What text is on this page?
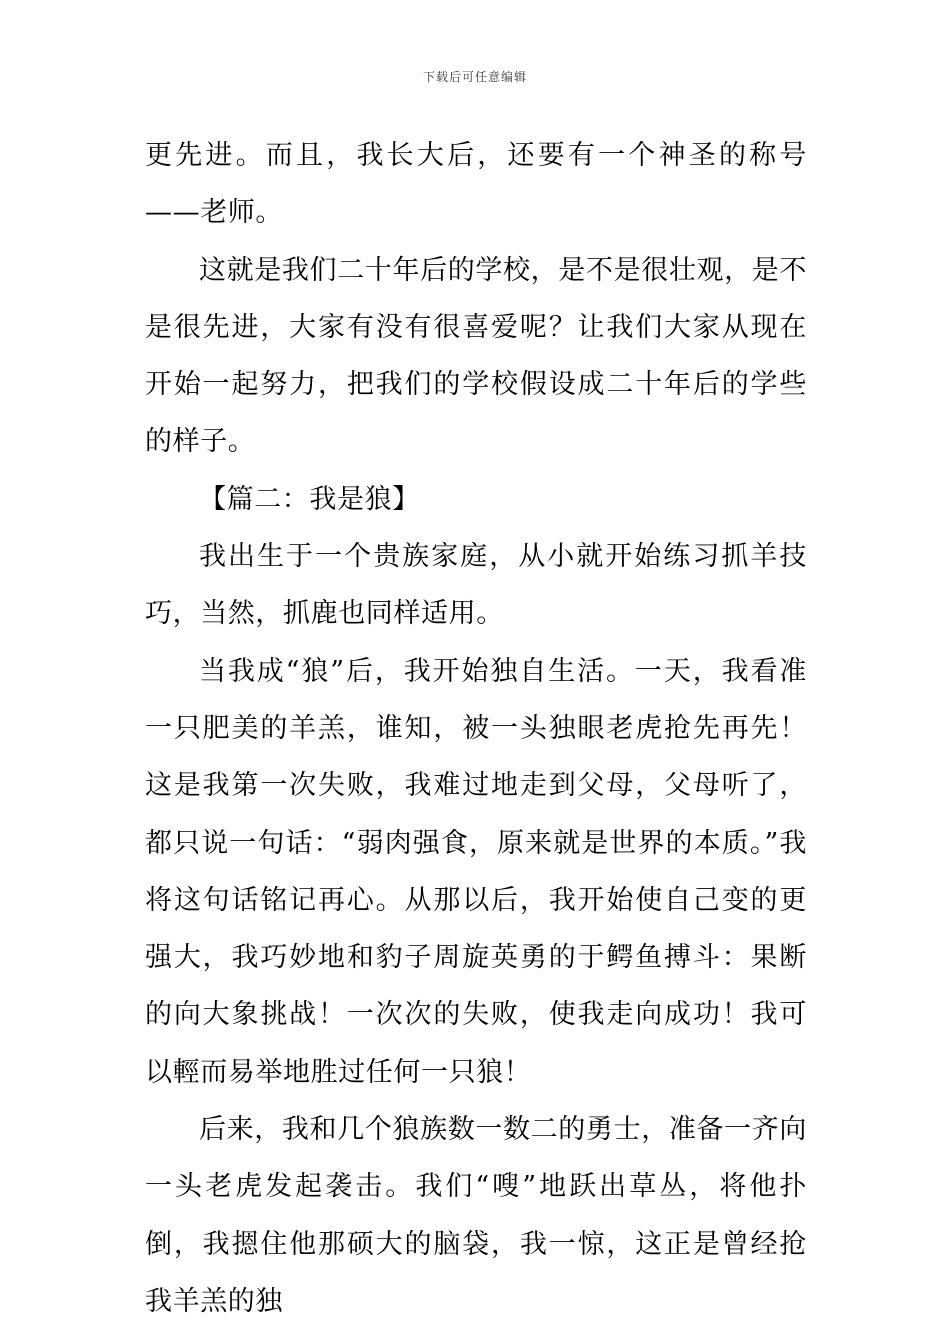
下载后可任意编辑

更先进。而且，我长大后，还要有一个神圣的称号——老师。

这就是我们二十年后的学校，是不是很壮观，是不是很先进，大家有没有很喜爱呢？让我们大家从现在开始一起努力，把我们的学校假设成二十年后的学些的样子。

【篇二：我是狼】

我出生于一个贵族家庭，从小就开始练习抓羊技巧，当然，抓鹿也同样适用。

当我成“狼”后，我开始独自生活。一天，我看准一只肥美的羊羔，谁知，被一头独眼老虎抢先再先！这是我第一次失败，我难过地走到父母，父母听了，都只说一句话：“弱肉强食，原来就是世界的本质。”我将这句话铭记再心。从那以后，我开始使自己变的更强大，我巧妙地和豹子周旋英勇的于鳄鱼搏斗：果断的向大象挑战！一次次的失败，使我走向成功！我可以輕而易举地胜过任何一只狼！

后来，我和几个狼族数一数二的勇士，准备一齐向一头老虎发起袭击。我们“嗖”地跃出草丛，将他扑倒，我摁住他那硕大的脑袋，我一惊，这正是曾经抢我羊羔的独
